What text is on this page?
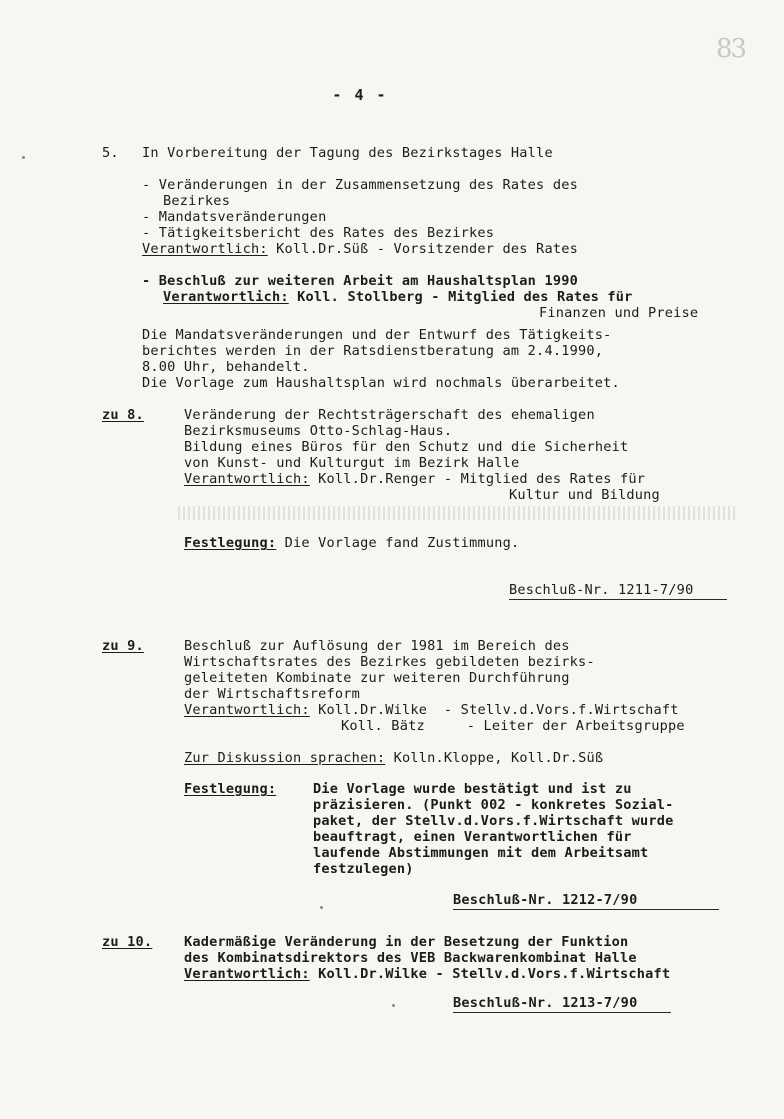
83
- 4 -
5. In Vorbereitung der Tagung des Bezirkstages Halle
- Veränderungen in der Zusammensetzung des Rates des
Bezirkes
- Mandatsveränderungen
- Tätigkeitsbericht des Rates des Bezirkes
Verantwortlich: Koll.Dr.Süß - Vorsitzender des Rates
- Beschluß zur weiteren Arbeit am Haushaltsplan 1990
Verantwortlich: Koll. Stollberg - Mitglied des Rates für
Finanzen und Preise
Die Mandatsveränderungen und der Entwurf des Tätigkeits-
berichtes werden in der Ratsdienstberatung am 2.4.1990,
8.00 Uhr, behandelt.
Die Vorlage zum Haushaltsplan wird nochmals überarbeitet.
zu 8.	Veränderung der Rechtsträgerschaft des ehemaligen
Bezirksmuseums Otto-Schlag-Haus.
Bildung eines Büros für den Schutz und die Sicherheit
von Kunst- und Kulturgut im Bezirk Halle
Verantwortlich: Koll.Dr.Renger - Mitglied des Rates für
Kultur und Bildung
Festlegung: Die Vorlage fand Zustimmung.
Beschluß-Nr. 1211-7/90
zu 9.	Beschluß zur Auflösung der 1981 im Bereich des
Wirtschaftsrates des Bezirkes gebildeten bezirks-
geleiteten Kombinate zur weiteren Durchführung
der Wirtschaftsreform
Verantwortlich: Koll.Dr.Wilke  - Stellv.d.Vors.f.Wirtschaft
Koll. Bätz     - Leiter der Arbeitsgruppe
Zur Diskussion sprachen: Kolln.Kloppe, Koll.Dr.Süß
Festlegung:	Die Vorlage wurde bestätigt und ist zu
präzisieren. (Punkt 002 - konkretes Sozial-
paket, der Stellv.d.Vors.f.Wirtschaft wurde
beauftragt, einen Verantwortlichen für
laufende Abstimmungen mit dem Arbeitsamt
festzulegen)
Beschluß-Nr. 1212-7/90
zu 10. Kadermäßige Veränderung in der Besetzung der Funktion
des Kombinatsdirektors des VEB Backwarenkombinat Halle
Verantwortlich: Koll.Dr.Wilke - Stellv.d.Vors.f.Wirtschaft
Beschluß-Nr. 1213-7/90
